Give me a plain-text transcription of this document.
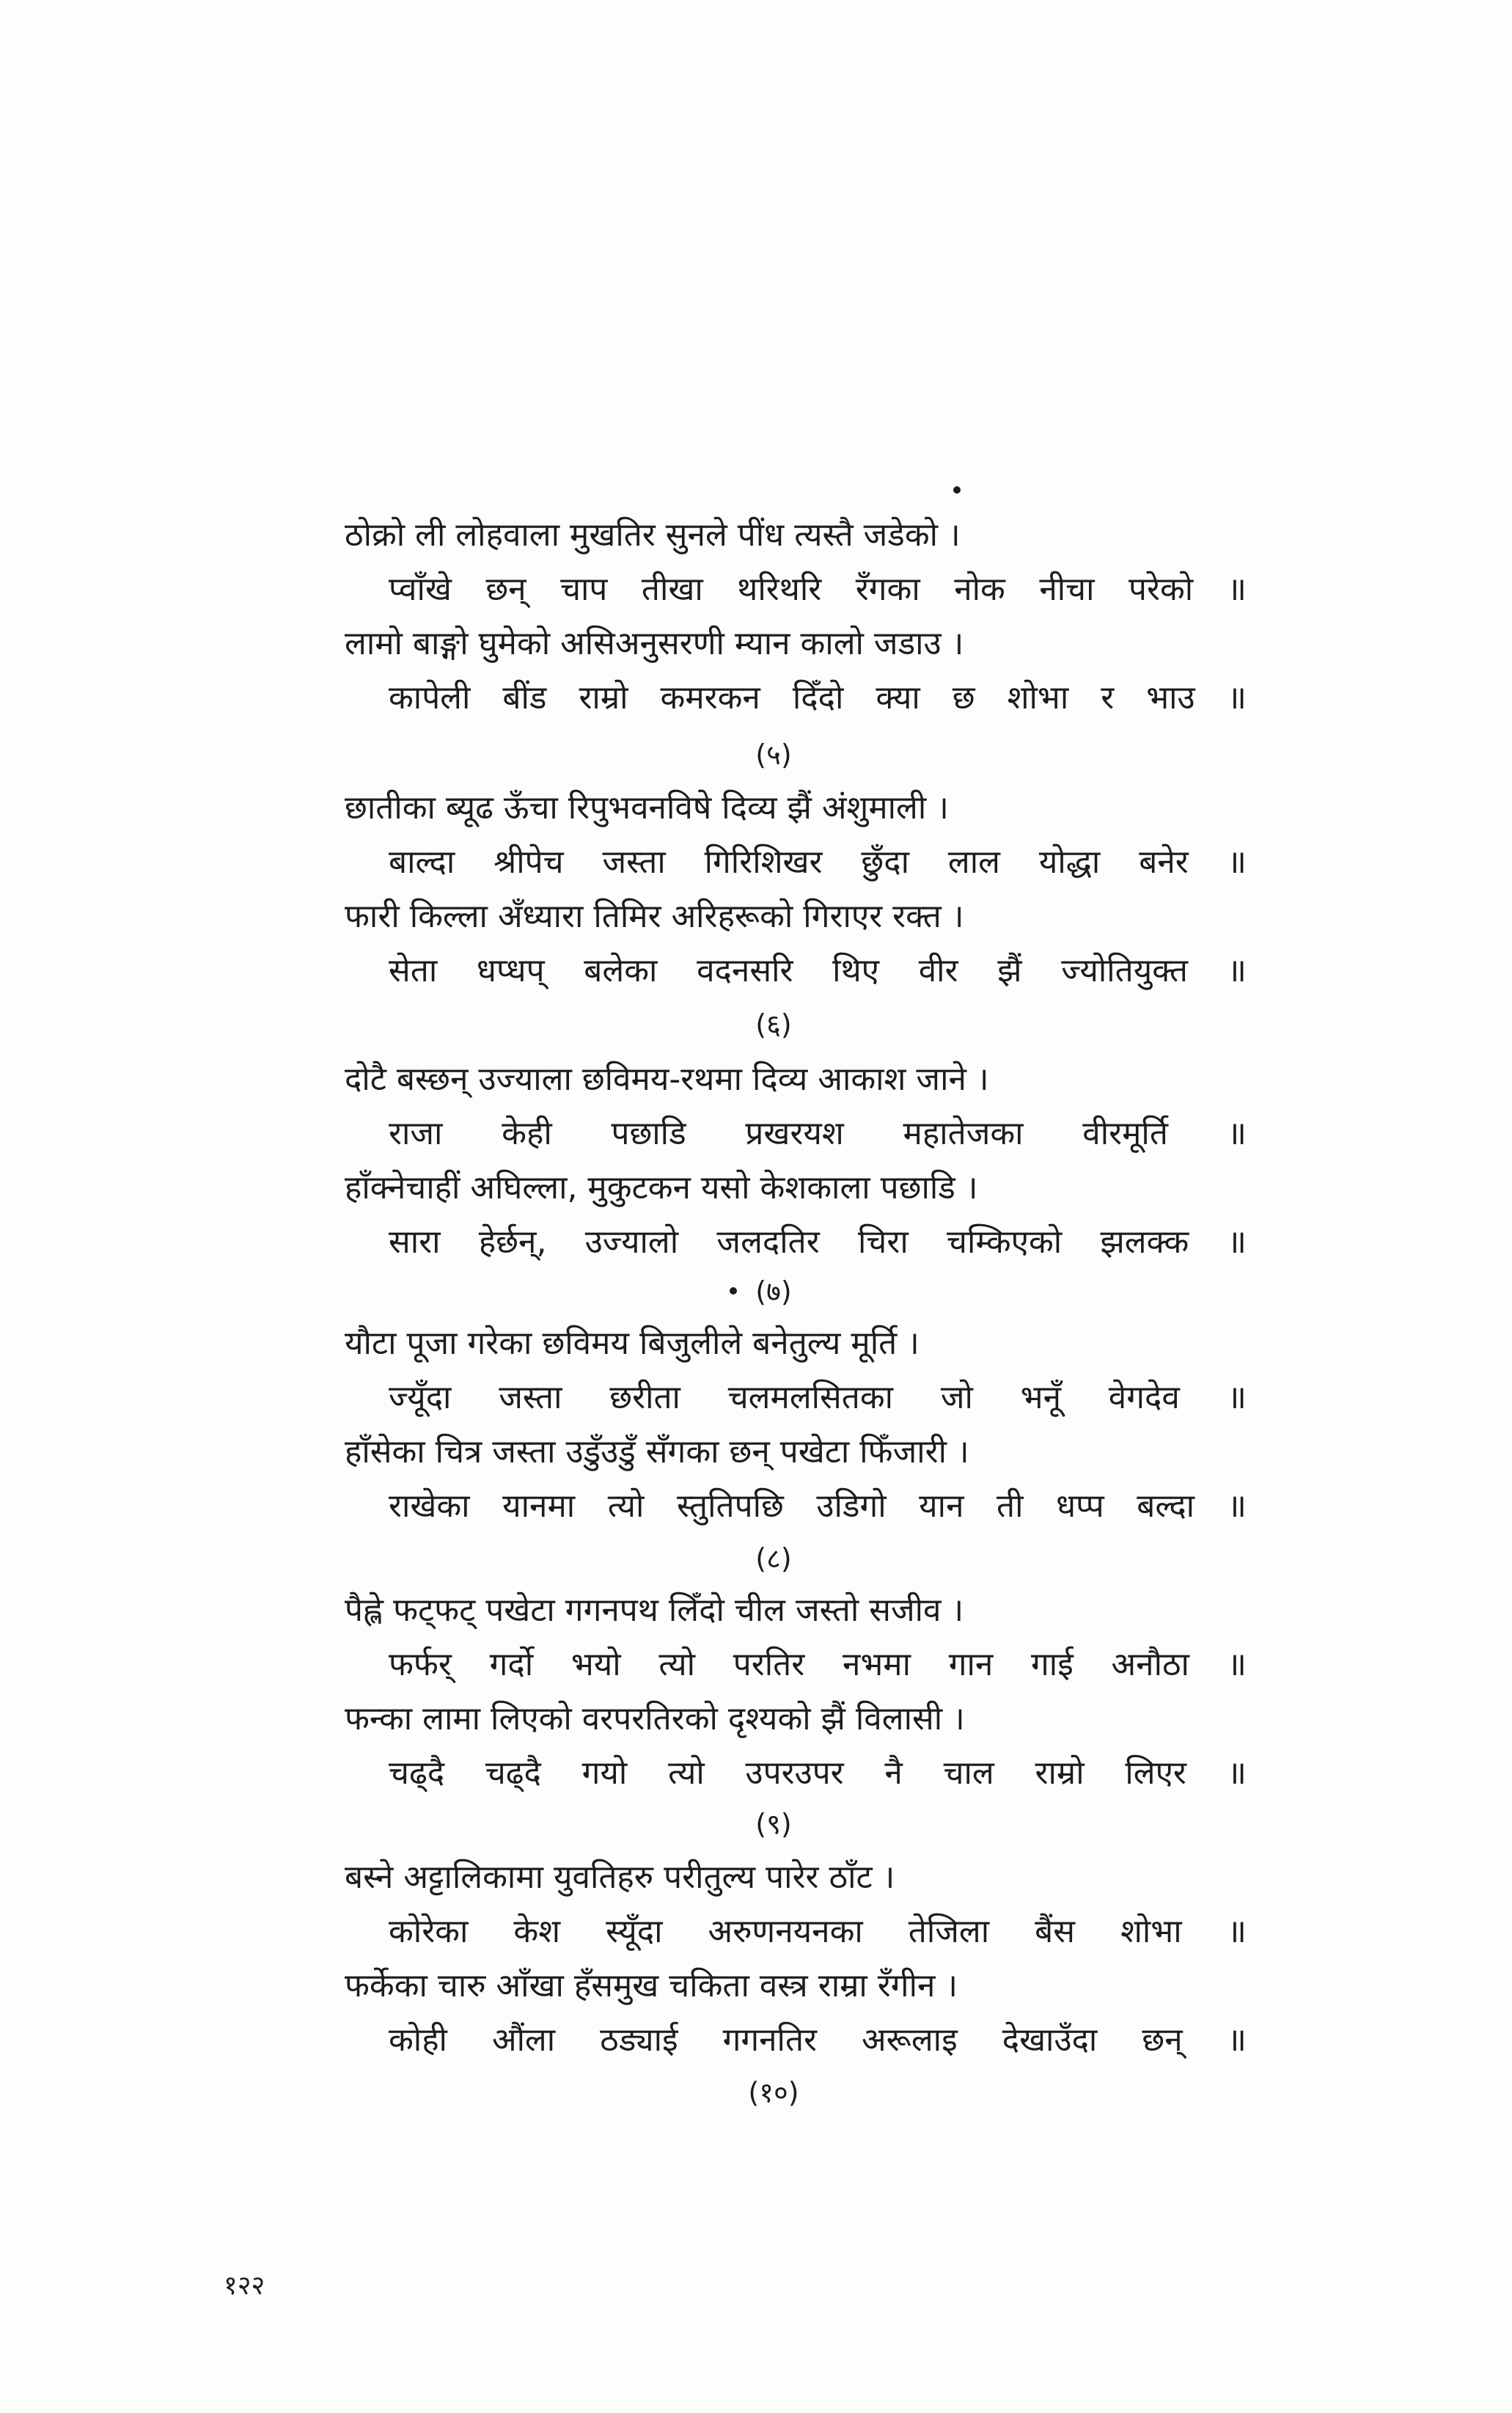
ठोक्रो ली लोहवाला मुखतिर सुनले पींध त्यस्तै जडेको ।
प्वाँखे छन् चाप तीखा थरिथरि रँगका नोक नीचा परेको ॥
लामो बाङ्गो घुमेको असिअनुसरणी म्यान कालो जडाउ ।
कापेली बींड राम्रो कमरकन दिँदो क्या छ शोभा र भाउ ॥
(५)
छातीका ब्यूढ ऊँचा रिपुभवनविषे दिव्य झैं अंशुमाली ।
बाल्दा श्रीपेच जस्ता गिरिशिखर छुँदा लाल योद्धा बनेर ॥
फारी किल्ला अँध्यारा तिमिर अरिहरूको गिराएर रक्त ।
सेता धप्धप् बलेका वदनसरि थिए वीर झैं ज्योतियुक्त ॥
(६)
दोटै बस्छन् उज्याला छविमय-रथमा दिव्य आकाश जाने ।
राजा केही पछाडि प्रखरयश महातेजका वीरमूर्ति ॥
हाँक्नेचाहीं अघिल्ला, मुकुटकन यसो केशकाला पछाडि ।
सारा हेर्छन्, उज्यालो जलदतिर चिरा चम्किएको झलक्क ॥
(७)
यौटा पूजा गरेका छविमय बिजुलीले बनेतुल्य मूर्ति ।
ज्यूँदा जस्ता छरीता चलमलसितका जो भनूँ वेगदेव ॥
हाँसेका चित्र जस्ता उडुँउडुँ सँगका छन् पखेटा फिँजारी ।
राखेका यानमा त्यो स्तुतिपछि उडिगो यान ती धप्प बल्दा ॥
(८)
पैह्ले फट्फट् पखेटा गगनपथ लिँदो चील जस्तो सजीव ।
फर्फर् गर्दो भयो त्यो परतिर नभमा गान गाई अनौठा ॥
फन्का लामा लिएको वरपरतिरको दृश्यको झैं विलासी ।
चढ्दै चढ्दै गयो त्यो उपरउपर नै चाल राम्रो लिएर ॥
(९)
बस्ने अट्टालिकामा युवतिहरु परीतुल्य पारेर ठाँट ।
कोरेका केश स्यूँदा अरुणनयनका तेजिला बैंस शोभा ॥
फर्केका चारु आँखा हँसमुख चकिता वस्त्र राम्रा रँगीन ।
कोही औंला ठड्याई गगनतिर अरूलाइ देखाउँदा छन् ॥
(१०)
१२२
